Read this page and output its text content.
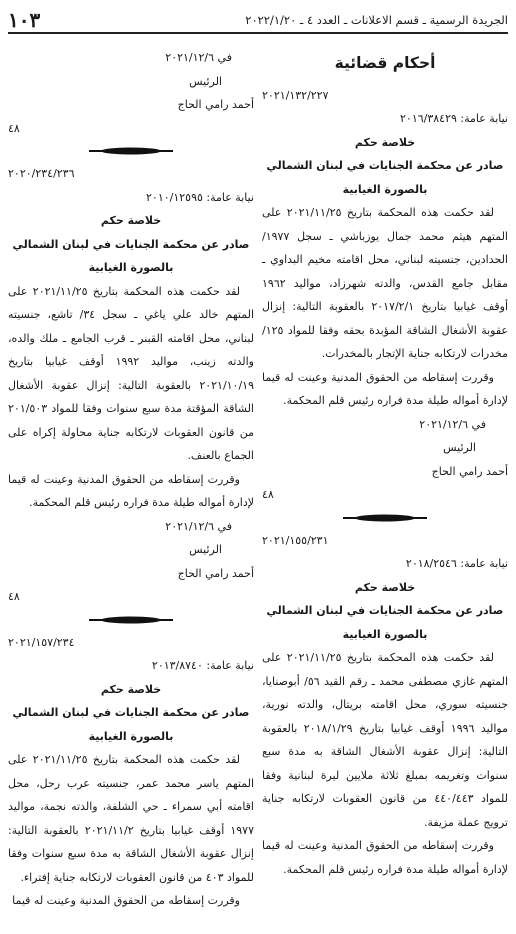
الجريدة الرسمية ـ قسم الاعلانات ـ العدد ٤ ـ ٢٠٢٢/١/٢٠
١٠٣
أحكام قضائية
٢٠٢١/١٣٢/٢٢٧
نيابة عامة: ٢٠١٦/٣٨٤٢٩
خلاصة حكم
صادر عن محكمة الجنايات في لبنان الشمالي
بالصورة الغيابية
لقد حكمت هذه المحكمة بتاريخ ٢٠٢١/١١/٢٥ على المتهم هيثم محمد جمال يوزباشي ـ سجل ١٩٧٧/ الحدادين، جنسيته لبناني، محل اقامته مخيم البداوي ـ مقابل جامع القدس، والدته شهرزاد، مواليد ١٩٦٢ أوقف غيابيا بتاريخ ٢٠١٧/٢/١ بالعقوبة التالية: إنزال عقوبة الأشغال الشاقة المؤبدة بحقه وفقا للمواد ١٢٥/ مخدرات لارتكابه جناية الإتجار بالمخدرات.
وقررت إسقاطه من الحقوق المدنية وعينت له قيما لإدارة أمواله طيلة مدة فراره رئيس قلم المحكمة.
في ٢٠٢١/١٢/٦
الرئيس
أحمد رامي الحاج
٤٨
٢٠٢١/١٥٥/٢٣١
نيابة عامة: ٢٠١٨/٢٥٤٦
خلاصة حكم
صادر عن محكمة الجنايات في لبنان الشمالي
بالصورة الغيابية
لقد حكمت هذه المحكمة بتاريخ ٢٠٢١/١١/٢٥ على المتهم غازي مصطفى محمد ـ رقم القيد ٥٦/ أبوصنايا، جنسيته سوري، محل اقامته بريتال، والدته نورية، مواليد ١٩٩٦ أوقف غيابيا بتاريخ ٢٠١٨/١/٢٩ بالعقوبة التالية: إنزال عقوبة الأشغال الشاقة به مدة سبع سنوات وتغريمه بمبلغ ثلاثة ملايين ليرة لبنانية وفقا للمواد ٤٤٠/٤٤٣ من قانون العقوبات لارتكابه جناية ترويج عملة مزيفة.
وقررت إسقاطه من الحقوق المدنية وعينت له قيما لإدارة أمواله طيلة مدة فراره رئيس قلم المحكمة.
في ٢٠٢١/١٢/٦
الرئيس
أحمد رامي الحاج
٤٨
٢٠٢٠/٢٣٤/٢٣٦
نيابة عامة: ٢٠١٠/١٢٥٩٥
خلاصة حكم
صادر عن محكمة الجنايات في لبنان الشمالي
بالصورة الغيابية
لقد حكمت هذه المحكمة بتاريخ ٢٠٢١/١١/٢٥ على المتهم خالد علي ياغي ـ سجل ٣٤/ تاشع، جنسيته لبناني، محل اقامته القبنر ـ قرب الجامع ـ ملك والده، والدته زينب، مواليد ١٩٩٢ أوقف غيابيا بتاريخ ٢٠٢١/١٠/١٩ بالعقوبة التالية: إنزال عقوبة الأشغال الشاقة المؤقتة مدة سبع سنوات وفقا للمواد ٢٠١/٥٠٣ من قانون العقوبات لارتكابه جناية محاولة إكراه على الجماع بالعنف.
وقررت إسقاطه من الحقوق المدنية وعينت له قيما لإدارة أمواله طيلة مدة فراره رئيس قلم المحكمة.
في ٢٠٢١/١٢/٦
الرئيس
أحمد رامي الحاج
٤٨
٢٠٢١/١٥٧/٢٣٤
نيابة عامة: ٢٠١٣/٨٧٤٠
خلاصة حكم
صادر عن محكمة الجنايات في لبنان الشمالي
بالصورة الغيابية
لقد حكمت هذه المحكمة بتاريخ ٢٠٢١/١١/٢٥ على المتهم ياسر محمد عمر، جنسيته عرب رحل، محل اقامته أبي سمراء ـ حي الشلفة، والدته نجمة، مواليد ١٩٧٧ أوقف غيابيا بتاريخ ٢٠٢١/١١/٢ بالعقوبة التالية: إنزال عقوبة الأشغال الشاقة به مدة سبع سنوات وفقا للمواد ٤٠٣ من قانون العقوبات لارتكابه جناية إفتراء.
وقررت إسقاطه من الحقوق المدنية وعينت له قيما
